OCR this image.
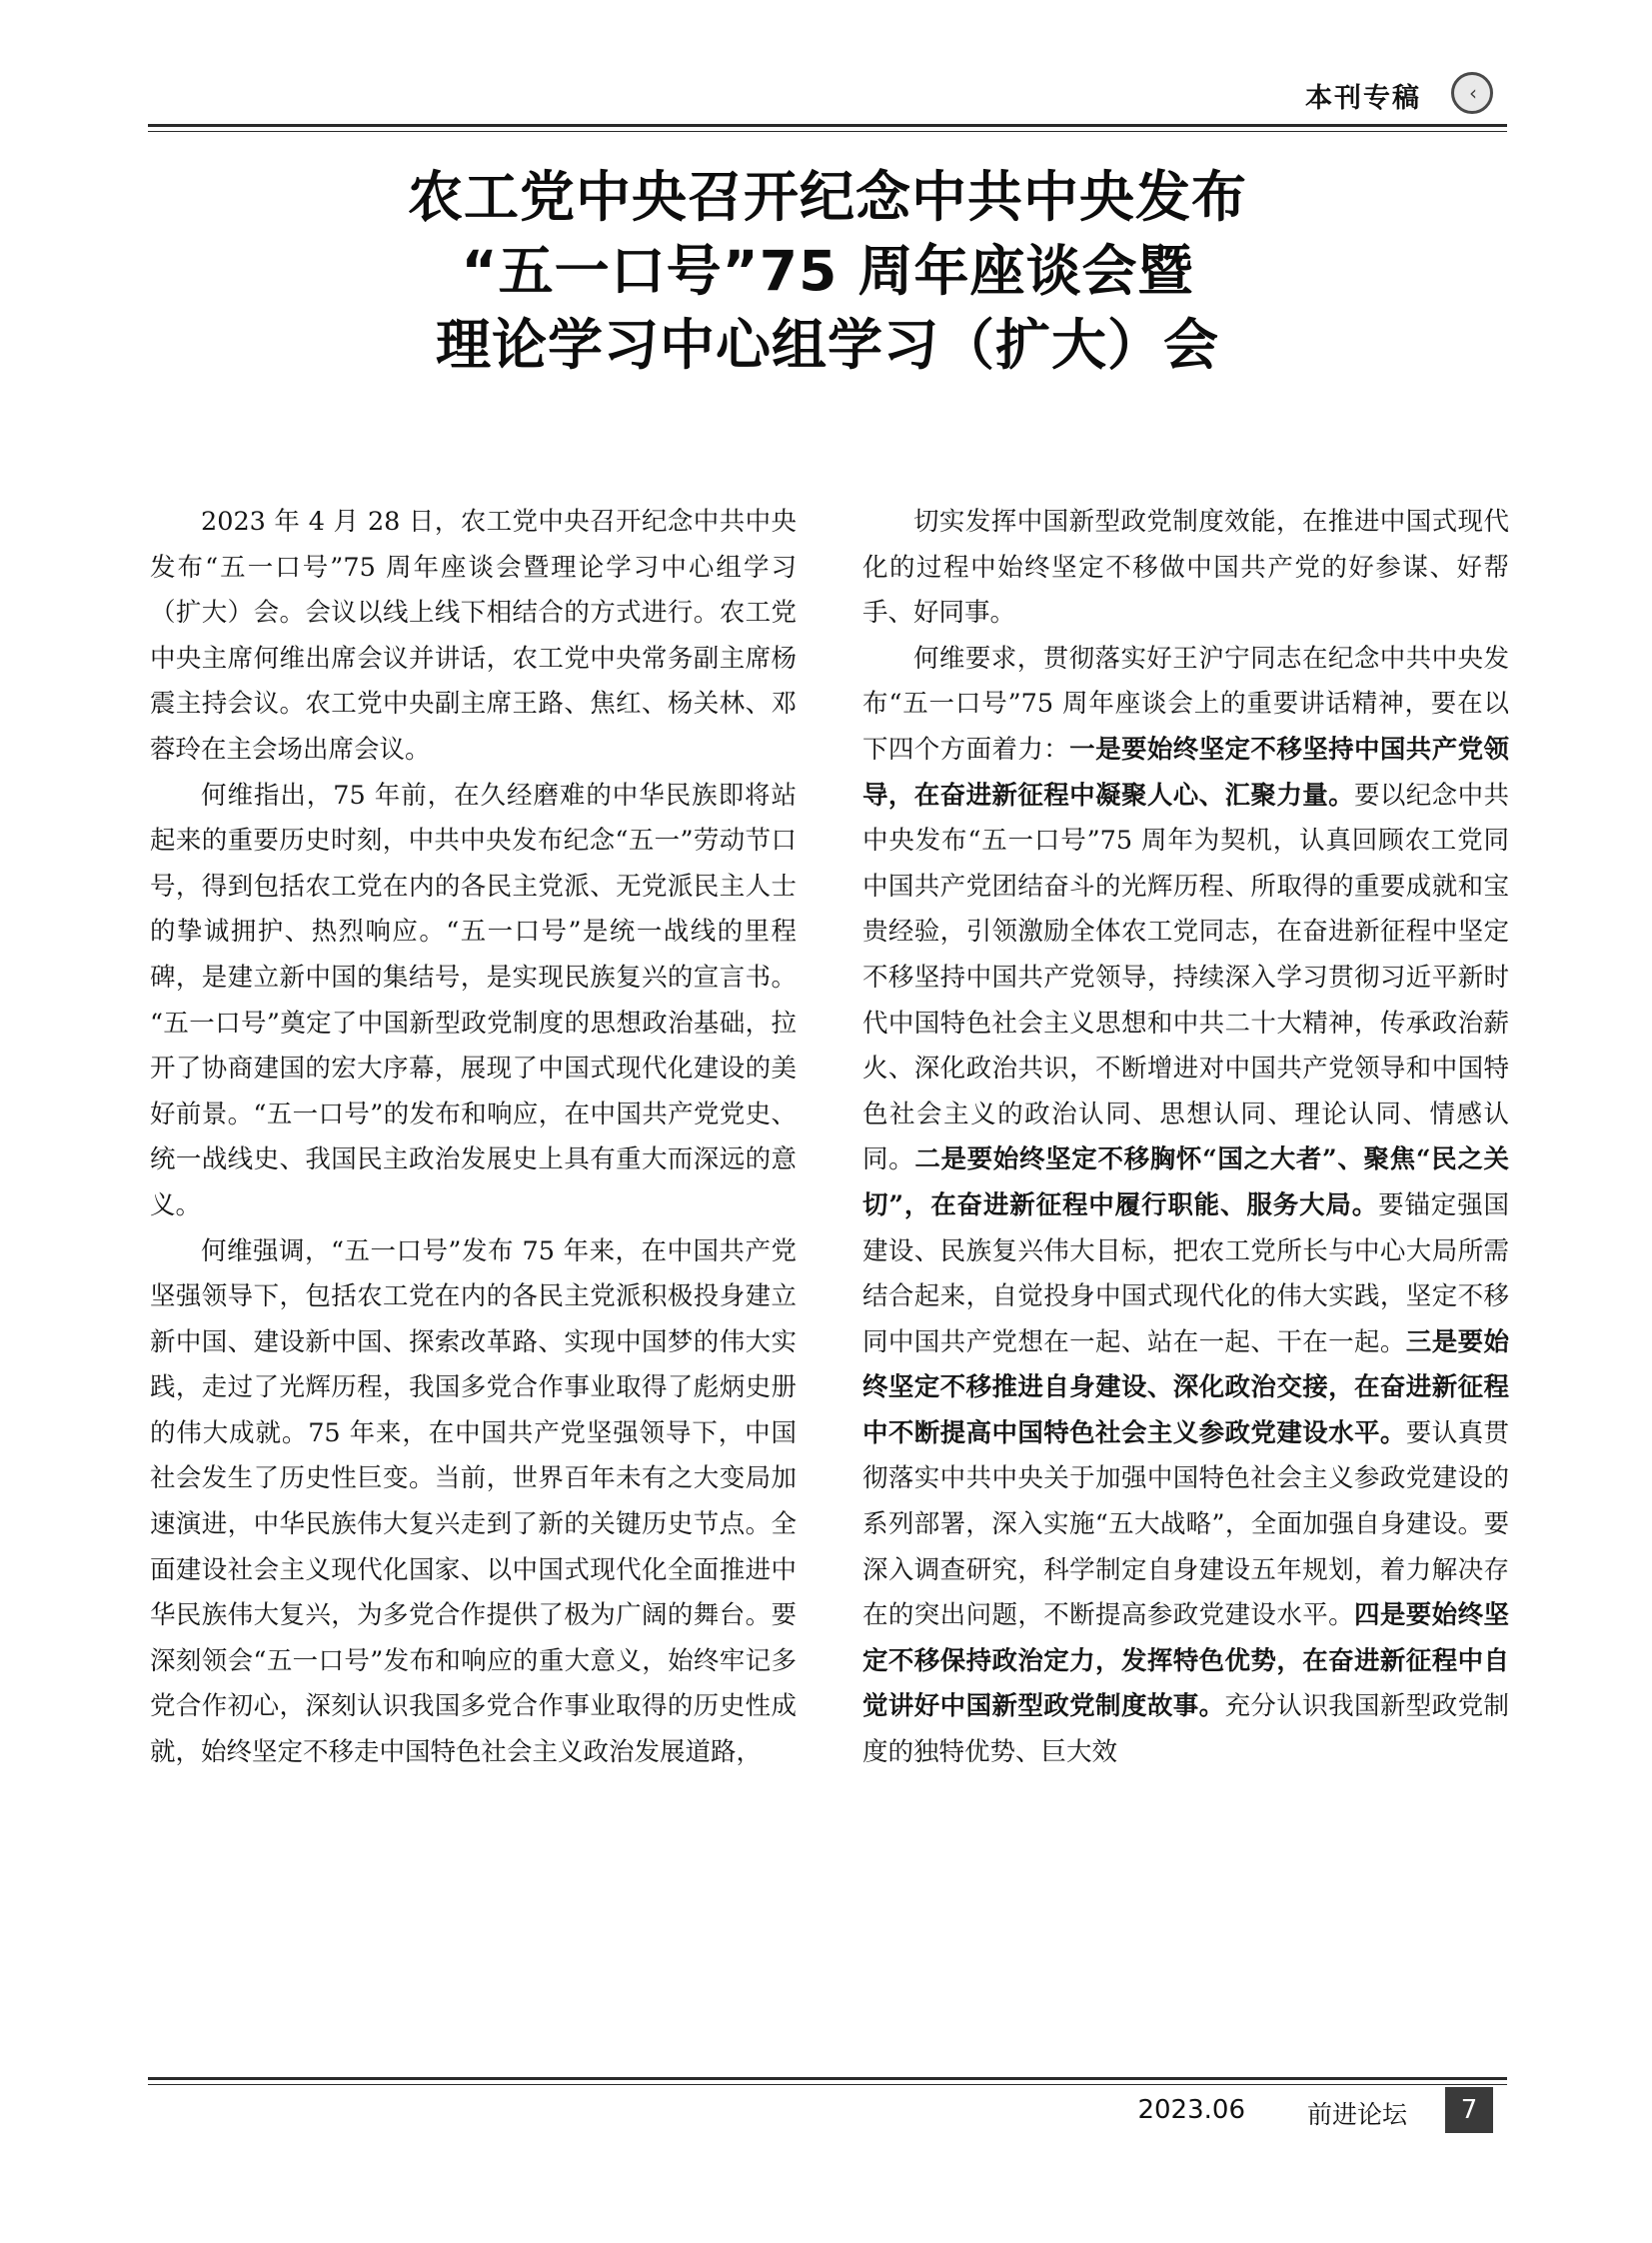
本刊专稿 ‹
农工党中央召开纪念中共中央发布
“五一口号”75 周年座谈会暨
理论学习中心组学习（扩大）会

2023 年 4 月 28 日，农工党中央召开纪念中共中央发布“五一口号”75 周年座谈会暨理论学习中心组学习（扩大）会。会议以线上线下相结合的方式进行。农工党中央主席何维出席会议并讲话，农工党中央常务副主席杨震主持会议。农工党中央副主席王路、焦红、杨关林、邓蓉玲在主会场出席会议。

何维指出，75 年前，在久经磨难的中华民族即将站起来的重要历史时刻，中共中央发布纪念“五一”劳动节口号，得到包括农工党在内的各民主党派、无党派民主人士的挚诚拥护、热烈响应。“五一口号”是统一战线的里程碑，是建立新中国的集结号，是实现民族复兴的宣言书。“五一口号”奠定了中国新型政党制度的思想政治基础，拉开了协商建国的宏大序幕，展现了中国式现代化建设的美好前景。“五一口号”的发布和响应，在中国共产党党史、统一战线史、我国民主政治发展史上具有重大而深远的意义。

何维强调，“五一口号”发布 75 年来，在中国共产党坚强领导下，包括农工党在内的各民主党派积极投身建立新中国、建设新中国、探索改革路、实现中国梦的伟大实践，走过了光辉历程，我国多党合作事业取得了彪炳史册的伟大成就。75 年来，在中国共产党坚强领导下，中国社会发生了历史性巨变。当前，世界百年未有之大变局加速演进，中华民族伟大复兴走到了新的关键历史节点。全面建设社会主义现代化国家、以中国式现代化全面推进中华民族伟大复兴，为多党合作提供了极为广阔的舞台。要深刻领会“五一口号”发布和响应的重大意义，始终牢记多党合作初心，深刻认识我国多党合作事业取得的历史性成就，始终坚定不移走中国特色社会主义政治发展道路，

切实发挥中国新型政党制度效能，在推进中国式现代化的过程中始终坚定不移做中国共产党的好参谋、好帮手、好同事。

何维要求，贯彻落实好王沪宁同志在纪念中共中央发布“五一口号”75 周年座谈会上的重要讲话精神，要在以下四个方面着力：一是要始终坚定不移坚持中国共产党领导，在奋进新征程中凝聚人心、汇聚力量。要以纪念中共中央发布“五一口号”75 周年为契机，认真回顾农工党同中国共产党团结奋斗的光辉历程、所取得的重要成就和宝贵经验，引领激励全体农工党同志，在奋进新征程中坚定不移坚持中国共产党领导，持续深入学习贯彻习近平新时代中国特色社会主义思想和中共二十大精神，传承政治薪火、深化政治共识，不断增进对中国共产党领导和中国特色社会主义的政治认同、思想认同、理论认同、情感认同。二是要始终坚定不移胸怀“国之大者”、聚焦“民之关切”，在奋进新征程中履行职能、服务大局。要锚定强国建设、民族复兴伟大目标，把农工党所长与中心大局所需结合起来，自觉投身中国式现代化的伟大实践，坚定不移同中国共产党想在一起、站在一起、干在一起。三是要始终坚定不移推进自身建设、深化政治交接，在奋进新征程中不断提高中国特色社会主义参政党建设水平。要认真贯彻落实中共中央关于加强中国特色社会主义参政党建设的系列部署，深入实施“五大战略”，全面加强自身建设。要深入调查研究，科学制定自身建设五年规划，着力解决存在的突出问题，不断提高参政党建设水平。四是要始终坚定不移保持政治定力，发挥特色优势，在奋进新征程中自觉讲好中国新型政党制度故事。充分认识我国新型政党制度的独特优势、巨大效

2023.06 前进论坛	7
